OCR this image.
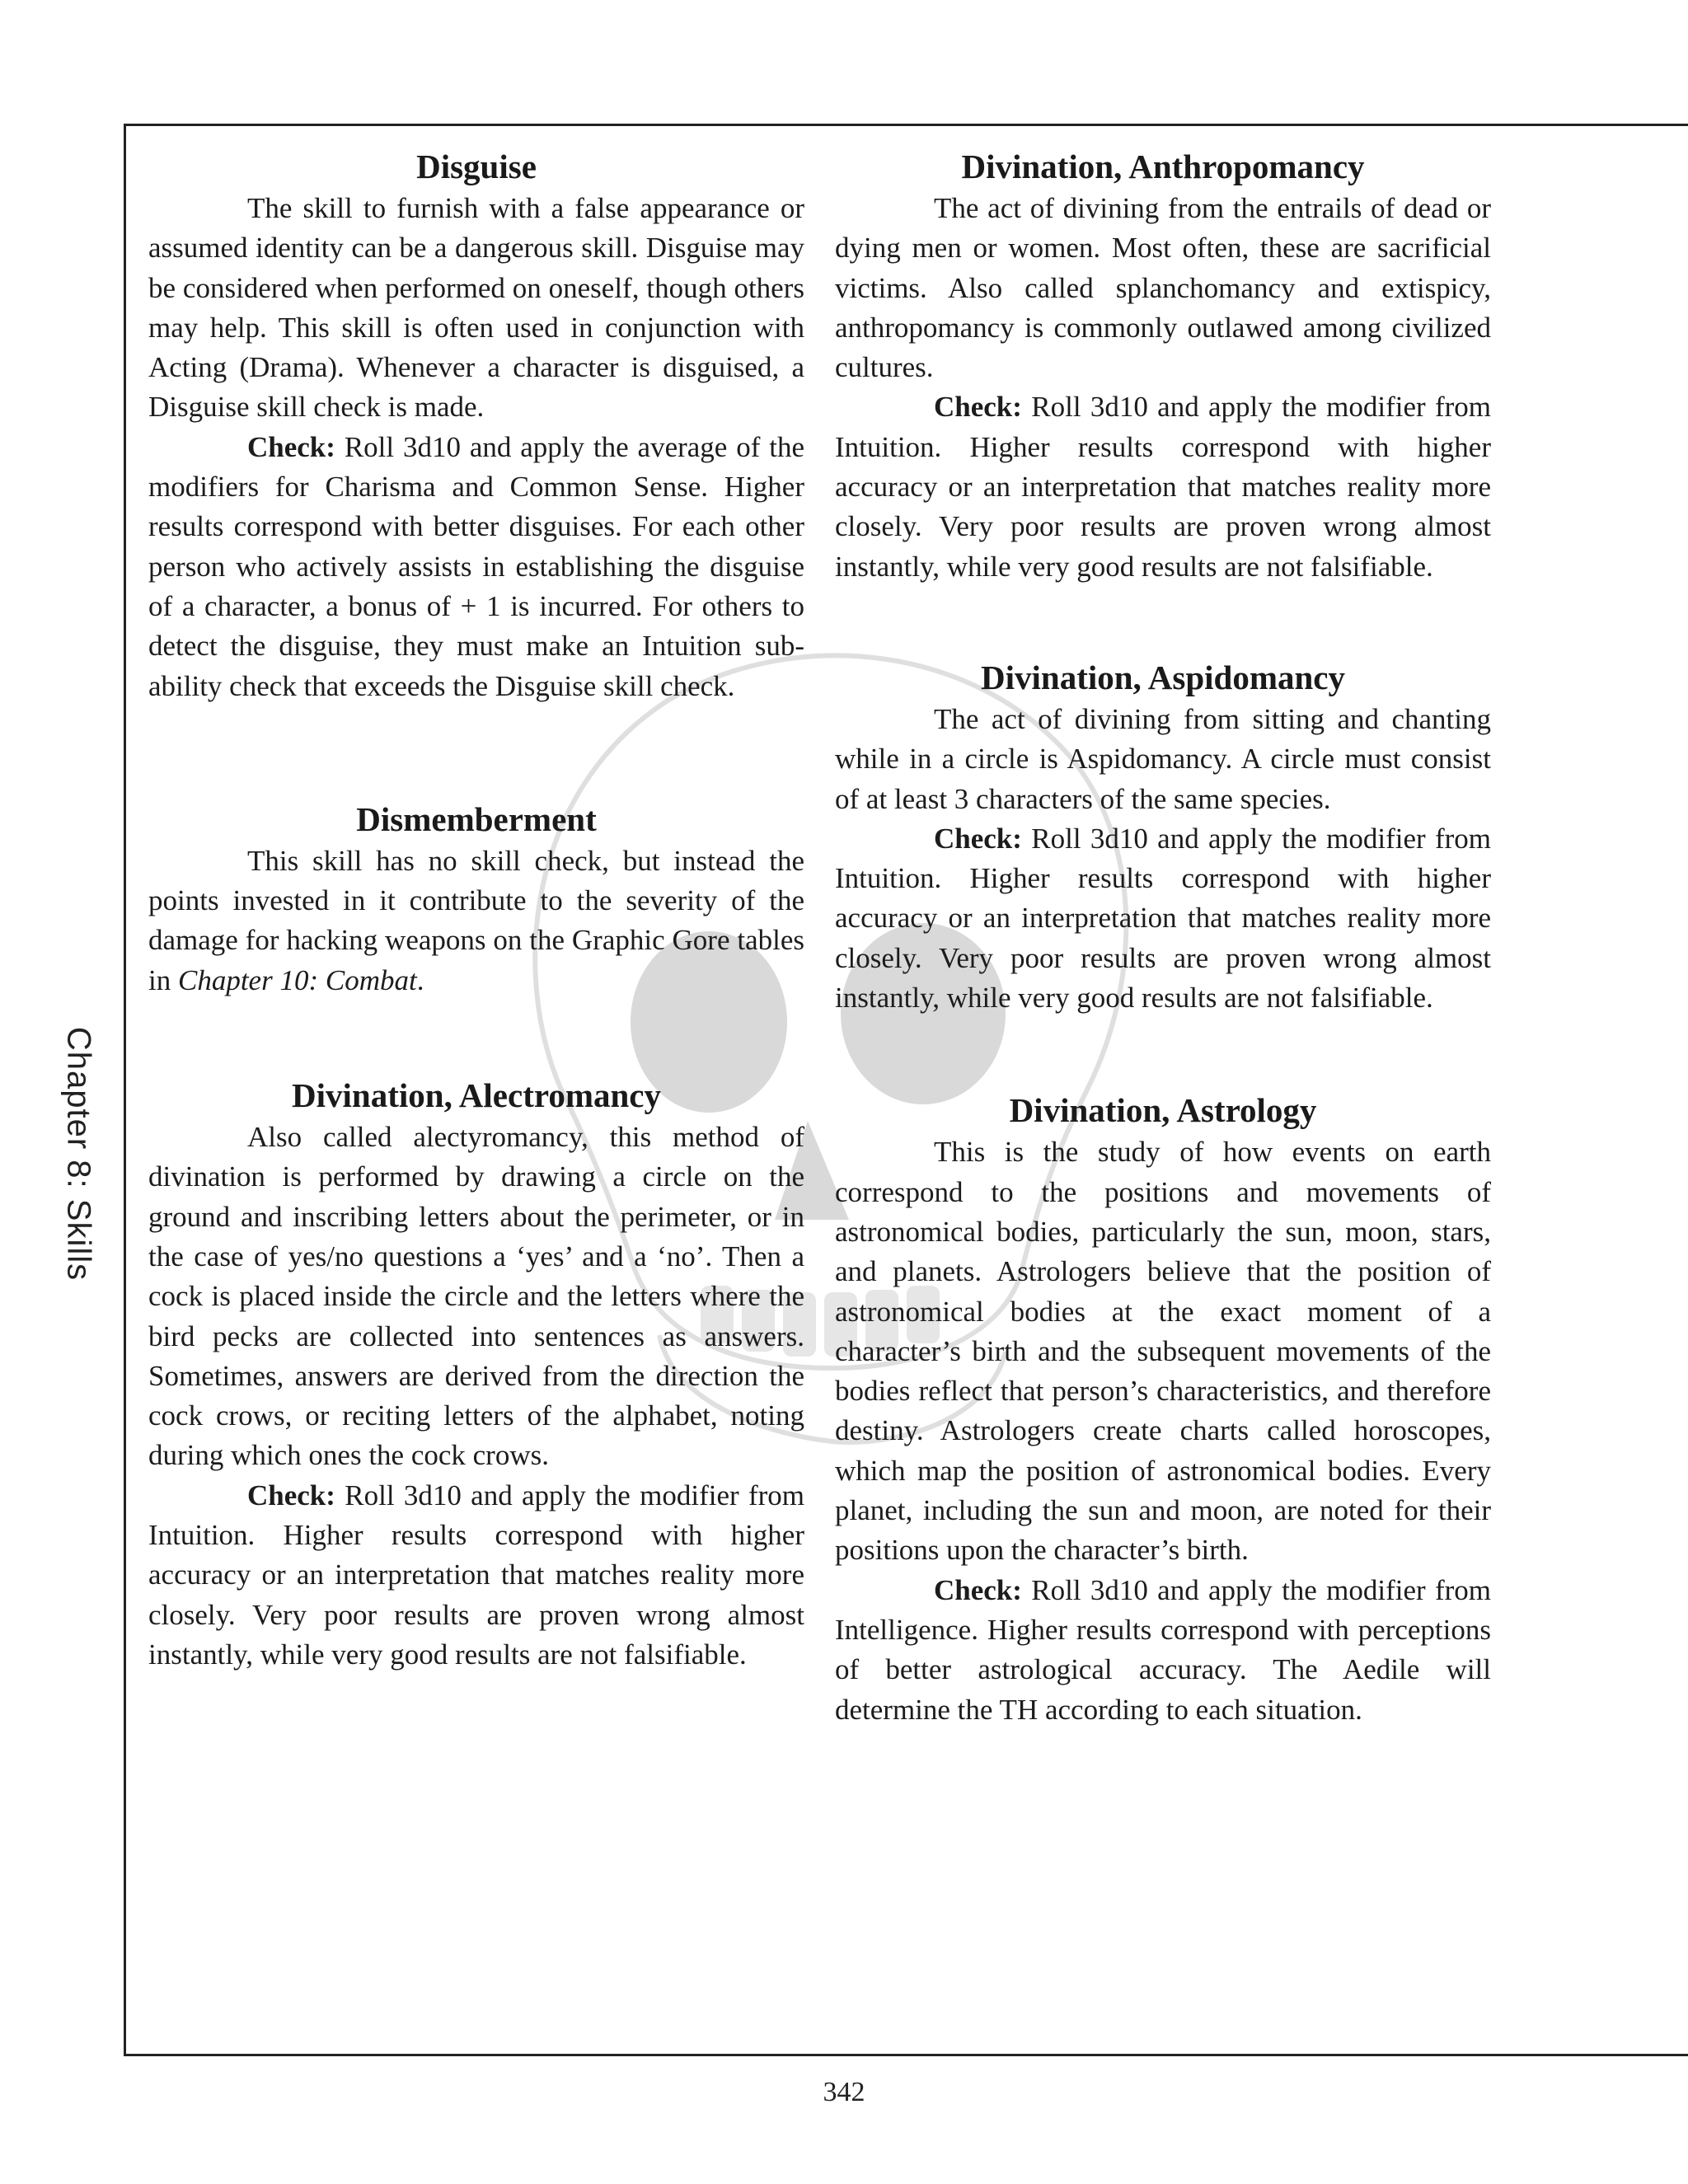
Chapter 8: Skills
Disguise

The skill to furnish with a false appearance or assumed identity can be a dangerous skill. Disguise may be considered when performed on oneself, though others may help. This skill is often used in conjunction with Acting (Drama). Whenever a character is disguised, a Disguise skill check is made.

Check: Roll 3d10 and apply the average of the modifiers for Charisma and Common Sense. Higher results correspond with better disguises. For each other person who actively assists in establishing the disguise of a character, a bonus of + 1 is incurred. For others to detect the disguise, they must make an Intuition sub-ability check that exceeds the Disguise skill check.

Dismemberment

This skill has no skill check, but instead the points invested in it contribute to the severity of the damage for hacking weapons on the Graphic Gore tables in Chapter 10: Combat.

Divination, Alectromancy

Also called alectyromancy, this method of divination is performed by drawing a circle on the ground and inscribing letters about the perimeter, or in the case of yes/no questions a ‘yes’ and a ‘no’. Then a cock is placed inside the circle and the letters where the bird pecks are collected into sentences as answers. Sometimes, answers are derived from the direction the cock crows, or reciting letters of the alphabet, noting during which ones the cock crows.

Check: Roll 3d10 and apply the modifier from Intuition. Higher results correspond with higher accuracy or an interpretation that matches reality more closely. Very poor results are proven wrong almost instantly, while very good results are not falsifiable.

Divination, Anthropomancy

The act of divining from the entrails of dead or dying men or women. Most often, these are sacrificial victims. Also called splanchomancy and extispicy, anthropomancy is commonly outlawed among civilized cultures.

Check: Roll 3d10 and apply the modifier from Intuition. Higher results correspond with higher accuracy or an interpretation that matches reality more closely. Very poor results are proven wrong almost instantly, while very good results are not falsifiable.

Divination, Aspidomancy

The act of divining from sitting and chanting while in a circle is Aspidomancy. A circle must consist of at least 3 characters of the same species.

Check: Roll 3d10 and apply the modifier from Intuition. Higher results correspond with higher accuracy or an interpretation that matches reality more closely. Very poor results are proven wrong almost instantly, while very good results are not falsifiable.

Divination, Astrology

This is the study of how events on earth correspond to the positions and movements of astronomical bodies, particularly the sun, moon, stars, and planets. Astrologers believe that the position of astronomical bodies at the exact moment of a character’s birth and the subsequent movements of the bodies reflect that person’s characteristics, and therefore destiny. Astrologers create charts called horoscopes, which map the position of astronomical bodies. Every planet, including the sun and moon, are noted for their positions upon the character’s birth.

Check: Roll 3d10 and apply the modifier from Intelligence. Higher results correspond with perceptions of better astrological accuracy. The Aedile will determine the TH according to each situation.

342
